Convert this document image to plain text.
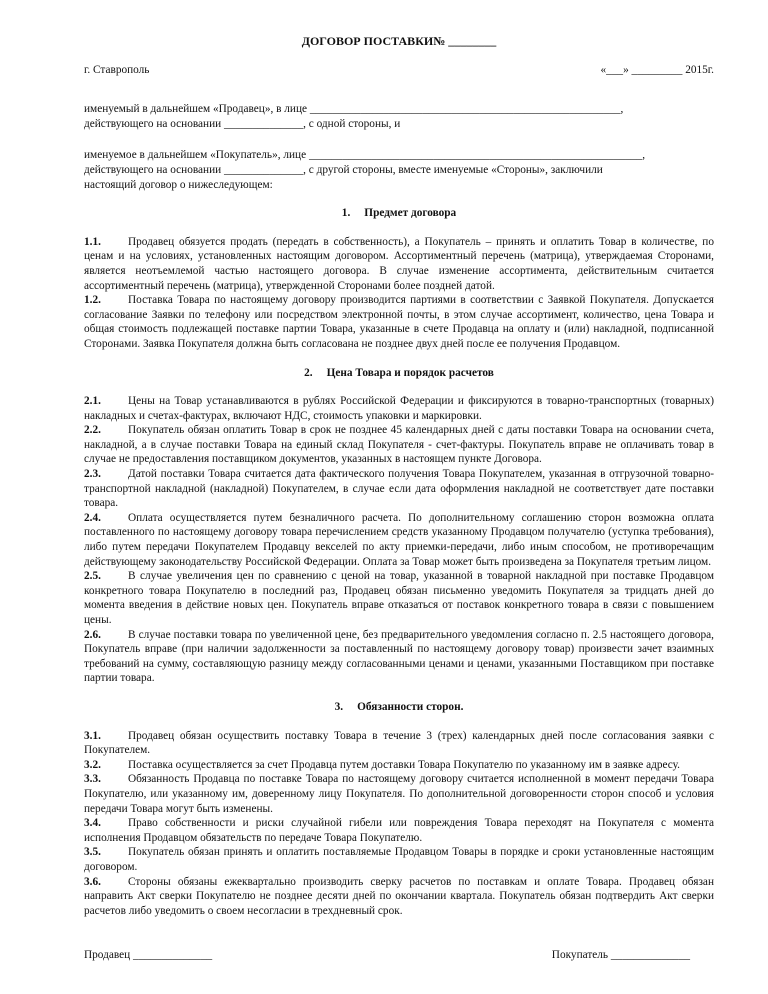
ДОГОВОР ПОСТАВКИ№ ________
г. Ставрополь	«___» _________ 2015г.

именуемый в дальнейшем «Продавец», в лице _______________________________________________________,

действующего на основании ______________, с одной стороны, и

именуемое в дальнейшем «Покупатель», лице ___________________________________________________________,

действующего на основании ______________, с другой стороны, вместе именуемые «Стороны», заключили

настоящий договор о нижеследующем:

1. Предмет договора

1.1. Продавец обязуется продать (передать в собственность), а Покупатель – принять и оплатить Товар в количестве, по ценам и на условиях, установленных настоящим договором. Ассортиментный перечень (матрица), утверждаемая Сторонами, является неотъемлемой частью настоящего договора. В случае изменение ассортимента, действительным считается ассортиментный перечень (матрица), утвержденной Сторонами более поздней датой.

1.2. Поставка Товара по настоящему договору производится партиями в соответствии с Заявкой Покупателя. Допускается согласование Заявки по телефону или посредством электронной почты, в этом случае ассортимент, количество, цена Товара и общая стоимость подлежащей поставке партии Товара, указанные в счете Продавца на оплату и (или) накладной, подписанной Сторонами. Заявка Покупателя должна быть согласована не позднее двух дней после ее получения Продавцом.

2. Цена Товара и порядок расчетов

2.1. Цены на Товар устанавливаются в рублях Российской Федерации и фиксируются в товарно-транспортных (товарных) накладных и счетах-фактурах, включают НДС, стоимость упаковки и маркировки.

2.2. Покупатель обязан оплатить Товар в срок не позднее 45 календарных дней с даты поставки Товара на основании счета, накладной, а в случае поставки Товара на единый склад Покупателя - счет-фактуры. Покупатель вправе не оплачивать товар в случае не предоставления поставщиком документов, указанных в настоящем пункте Договора.

2.3. Датой поставки Товара считается дата фактического получения Товара Покупателем, указанная в отгрузочной товарно-транспортной накладной (накладной) Покупателем, в случае если дата оформления накладной не соответствует дате поставки товара.

2.4. Оплата осуществляется путем безналичного расчета. По дополнительному соглашению сторон возможна оплата поставленного по настоящему договору товара перечислением средств указанному Продавцом получателю (уступка требования), либо путем передачи Покупателем Продавцу векселей по акту приемки-передачи, либо иным способом, не противоречащим действующему законодательству Российской Федерации. Оплата за Товар может быть произведена за Покупателя третьим лицом.

2.5. В случае увеличения цен по сравнению с ценой на товар, указанной в товарной накладной при поставке Продавцом конкретного товара Покупателю в последний раз, Продавец обязан письменно уведомить Покупателя за тридцать дней до момента введения в действие новых цен. Покупатель вправе отказаться от поставок конкретного товара в связи с повышением цены.

2.6. В случае поставки товара по увеличенной цене, без предварительного уведомления согласно п. 2.5 настоящего договора, Покупатель вправе (при наличии задолженности за поставленный по настоящему договору товар) произвести зачет взаимных требований на сумму, составляющую разницу между согласованными ценами и ценами, указанными Поставщиком при поставке партии товара.

3. Обязанности сторон.

3.1. Продавец обязан осуществить поставку Товара в течение 3 (трех) календарных дней после согласования заявки с Покупателем.

3.2. Поставка осуществляется за счет Продавца путем доставки Товара Покупателю по указанному им в заявке адресу.

3.3. Обязанность Продавца по поставке Товара по настоящему договору считается исполненной в момент передачи Товара Покупателю, или указанному им, доверенному лицу Покупателя. По дополнительной договоренности сторон способ и условия передачи Товара могут быть изменены.

3.4. Право собственности и риски случайной гибели или повреждения Товара переходят на Покупателя с момента исполнения Продавцом обязательств по передаче Товара Покупателю.

3.5. Покупатель обязан принять и оплатить поставляемые Продавцом Товары в порядке и сроки установленные настоящим договором.

3.6. Стороны обязаны ежеквартально производить сверку расчетов по поставкам и оплате Товара. Продавец обязан направить Акт сверки Покупателю не позднее десяти дней по окончании квартала. Покупатель обязан подтвердить Акт сверки расчетов либо уведомить о своем несогласии в трехдневный срок.

Продавец ______________	Покупатель ______________
